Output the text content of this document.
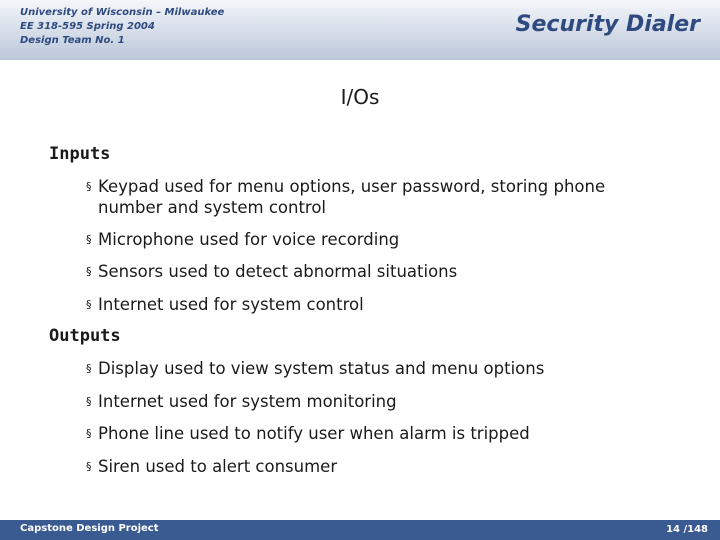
University of Wisconsin – Milwaukee
EE 318-595 Spring 2004
Design Team No. 1
Security Dialer
I/Os
Inputs
§ Keypad used for menu options, user password, storing phone number and system control
§ Microphone used for voice recording
§ Sensors used to detect abnormal situations
§ Internet used for system control
Outputs
§ Display used to view system status and menu options
§ Internet used for system monitoring
§ Phone line used to notify user when alarm is tripped
§ Siren used to alert consumer
Capstone Design Project	14 /148
